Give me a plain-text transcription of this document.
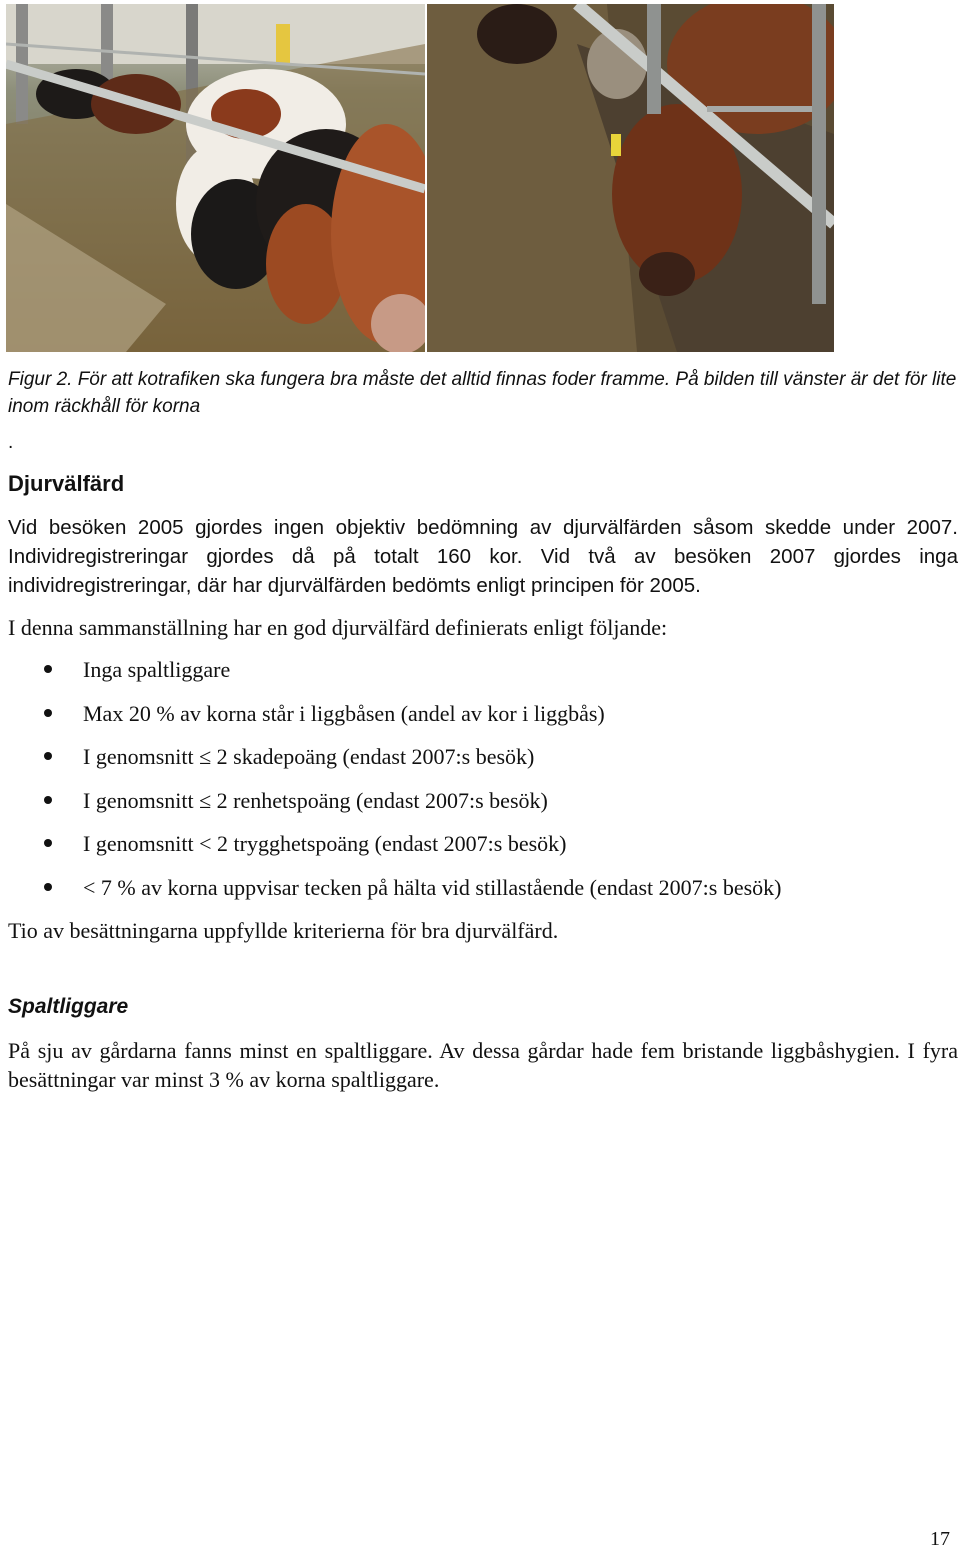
Figur 2. För att kotrafiken ska fungera bra måste det alltid finnas foder framme. På bilden till vänster är det för lite inom räckhåll för korna
.
Djurvälfärd
Vid besöken 2005 gjordes ingen objektiv bedömning av djurvälfärden såsom skedde under 2007. Individregistreringar gjordes då på totalt 160 kor. Vid två av besöken 2007 gjordes inga individregistreringar, där har djurvälfärden bedömts enligt principen för 2005.
I denna sammanställning har en god djurvälfärd definierats enligt följande:
Inga spaltliggare
Max 20 % av korna står i liggbåsen (andel av kor i liggbås)
I genomsnitt ≤ 2 skadepoäng (endast 2007:s besök)
I genomsnitt ≤ 2 renhetspoäng (endast 2007:s besök)
I genomsnitt < 2 trygghetspoäng (endast 2007:s besök)
< 7 % av korna uppvisar tecken på hälta vid stillastående (endast 2007:s besök)
Tio av besättningarna uppfyllde kriterierna för bra djurvälfärd.
Spaltliggare
På sju av gårdarna fanns minst en spaltliggare. Av dessa gårdar hade fem bristande liggbåshygien. I fyra besättningar var minst 3 % av korna spaltliggare.
17
